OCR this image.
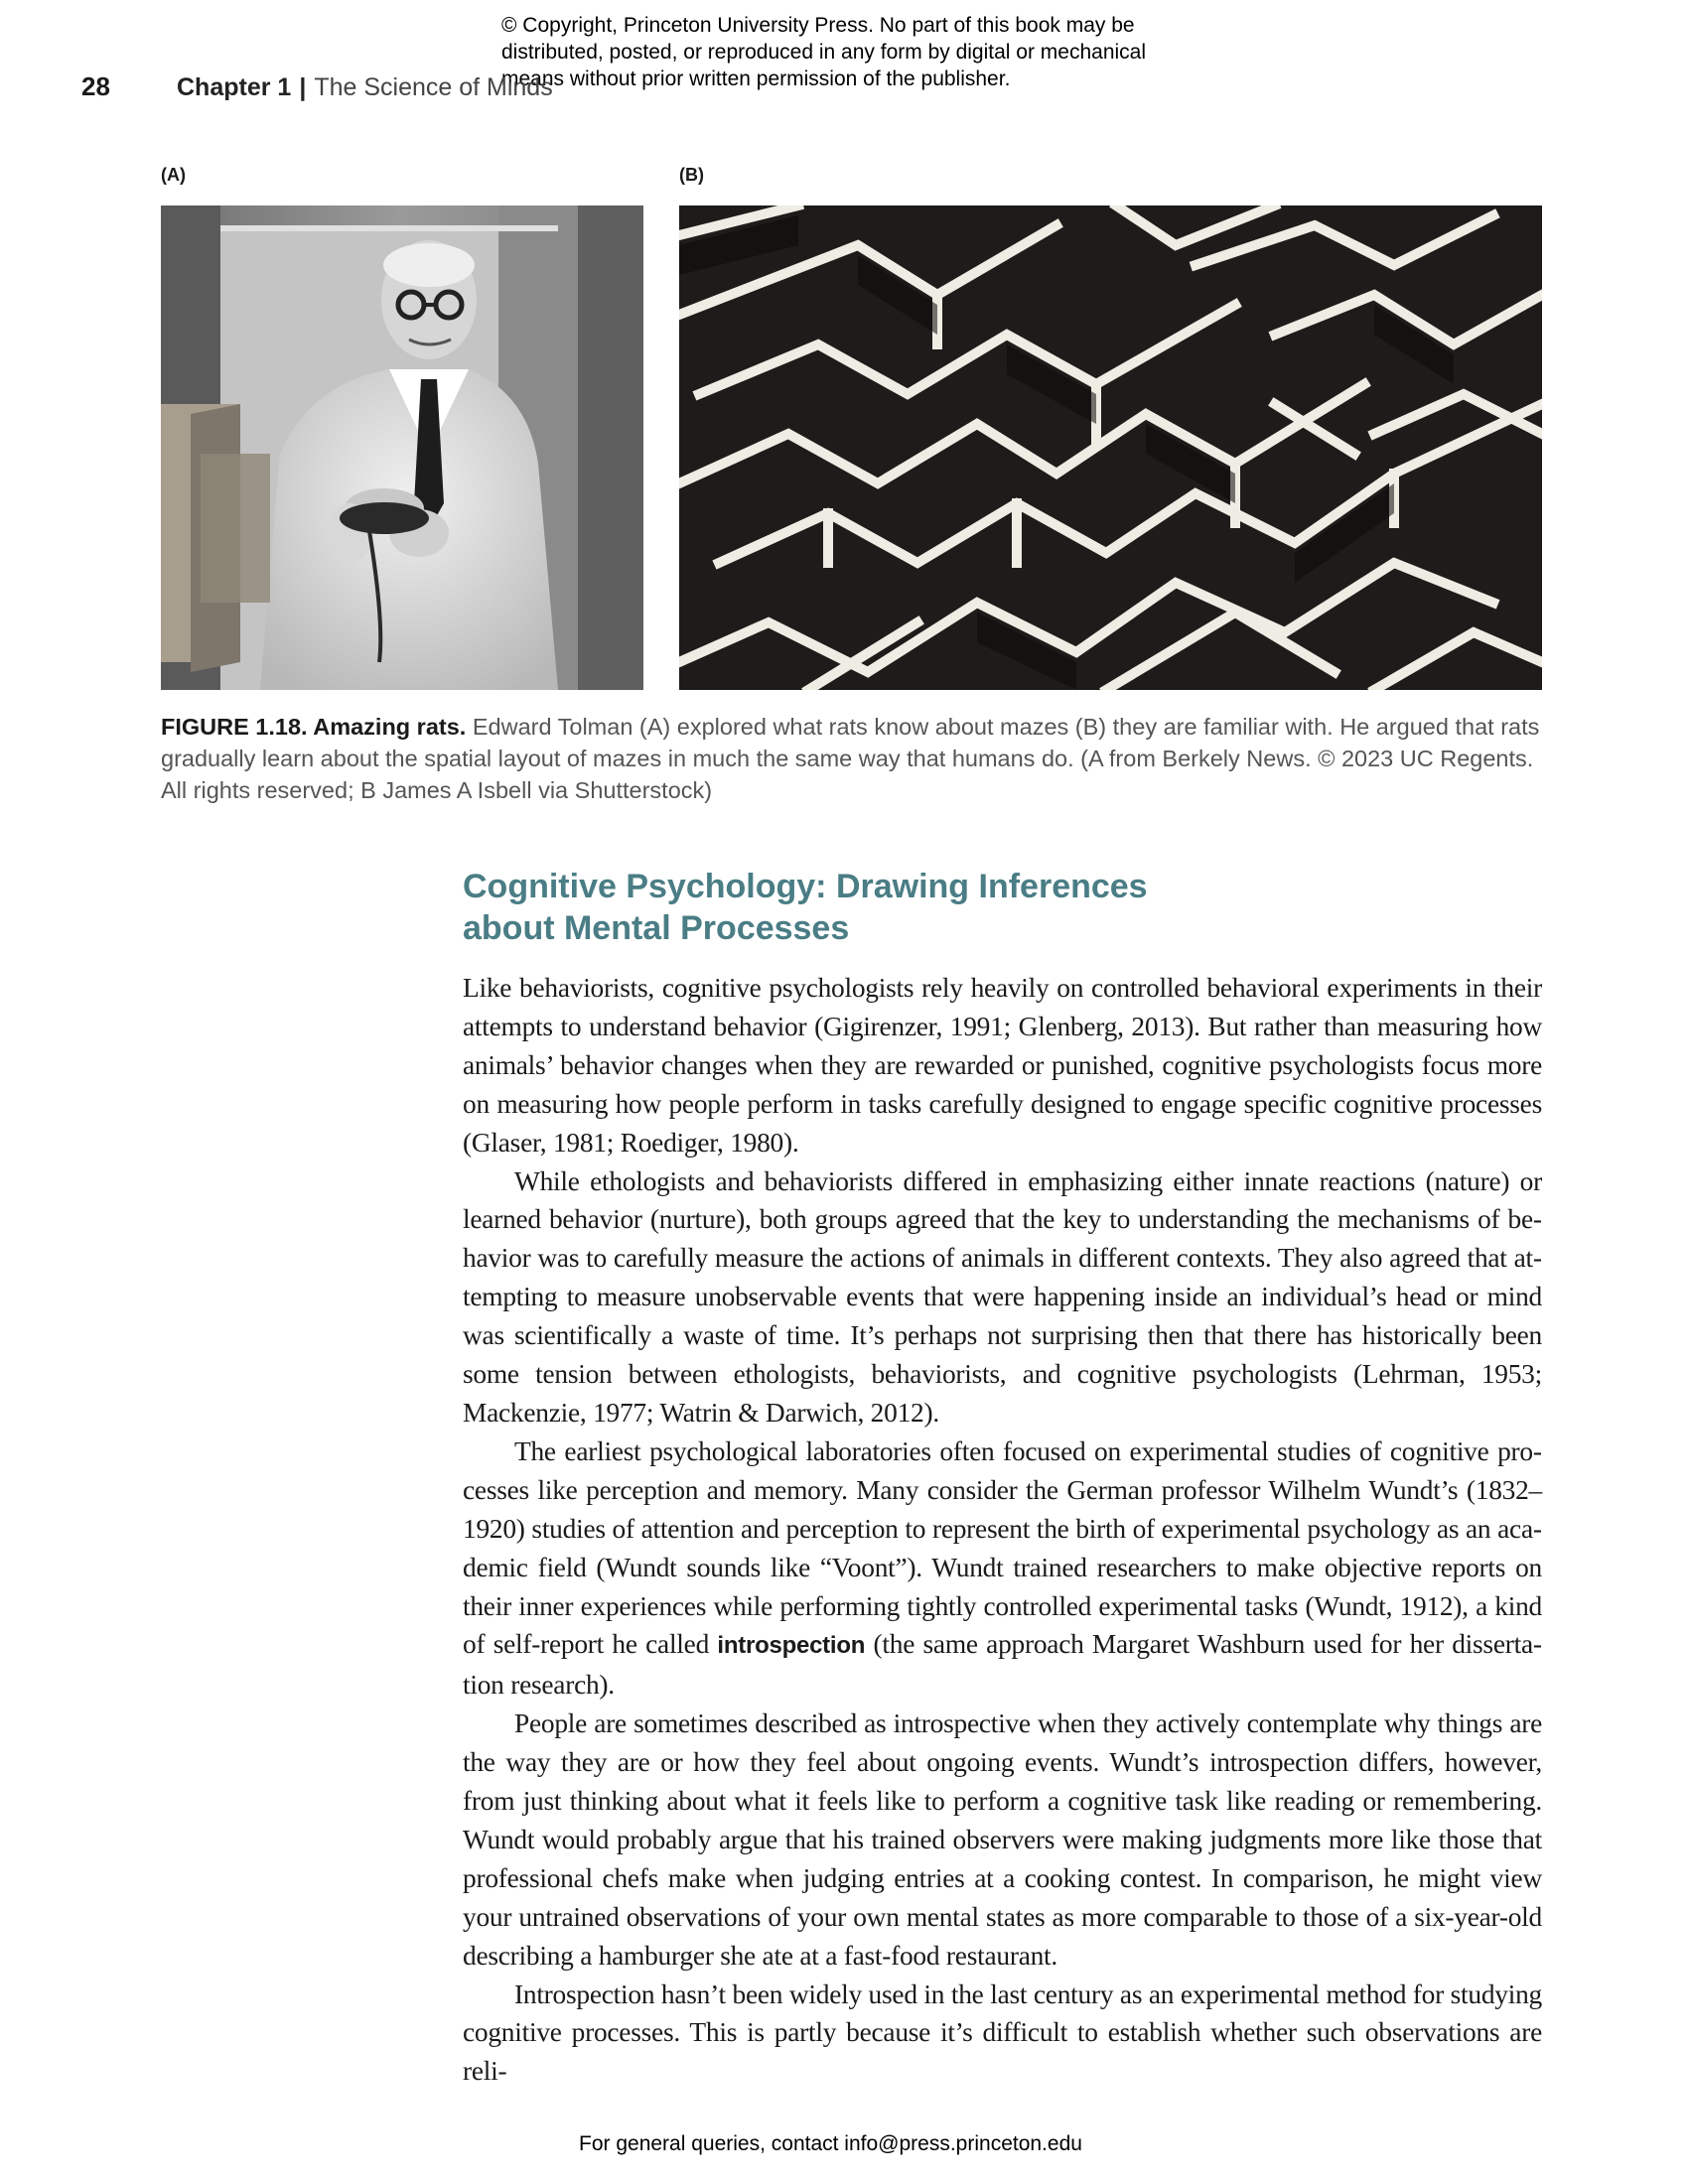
© Copyright, Princeton University Press. No part of this book may be
distributed, posted, or reproduced in any form by digital or mechanical
means without prior written permission of the publisher.
28	Chapter 1 | The Science of Minds
(A)	(B)
FIGURE 1.18. Amazing rats. Edward Tolman (A) explored what rats know about mazes (B) they are familiar with. He argued that rats gradually learn about the spatial layout of mazes in much the same way that humans do. (A from Berkely News. © 2023 UC Regents. All rights reserved; B James A Isbell via Shutterstock)
Cognitive Psychology: Drawing Inferences
about Mental Processes

Like behaviorists, cognitive psychologists rely heavily on controlled behavioral experiments in their attempts to understand behavior (Gigirenzer, 1991; Glenberg, 2013). But rather than measuring how animals’ behavior changes when they are rewarded or punished, cognitive psychologists focus more on measuring how people perform in tasks carefully designed to engage specific cognitive processes (Glaser, 1981; Roediger, 1980).

While ethologists and behaviorists differed in emphasizing either innate reactions (nature) or learned behavior (nurture), both groups agreed that the key to understanding the mechanisms of behavior was to carefully measure the actions of animals in different contexts. They also agreed that attempting to measure unobservable events that were happening inside an individual’s head or mind was scientifically a waste of time. It’s perhaps not surprising then that there has historically been some tension between ethologists, behaviorists, and cognitive psychologists (Lehrman, 1953; Mackenzie, 1977; Watrin & Darwich, 2012).

The earliest psychological laboratories often focused on experimental studies of cognitive processes like perception and memory. Many consider the German professor Wilhelm Wundt’s (1832–1920) studies of attention and perception to represent the birth of experimental psychology as an academic field (Wundt sounds like “Voont”). Wundt trained researchers to make objective reports on their inner experiences while performing tightly controlled experimental tasks (Wundt, 1912), a kind of self-report he called introspection (the same approach Margaret Washburn used for her dissertation research).

People are sometimes described as introspective when they actively contemplate why things are the way they are or how they feel about ongoing events. Wundt’s introspection differs, however, from just thinking about what it feels like to perform a cognitive task like reading or remembering. Wundt would probably argue that his trained observers were making judgments more like those that professional chefs make when judging entries at a cooking contest. In comparison, he might view your untrained observations of your own mental states as more comparable to those of a six-year-old describing a hamburger she ate at a fast-food restaurant.

Introspection hasn’t been widely used in the last century as an experimental method for studying cognitive processes. This is partly because it’s difficult to establish whether such observations are reli-

For general queries, contact info@press.princeton.edu
